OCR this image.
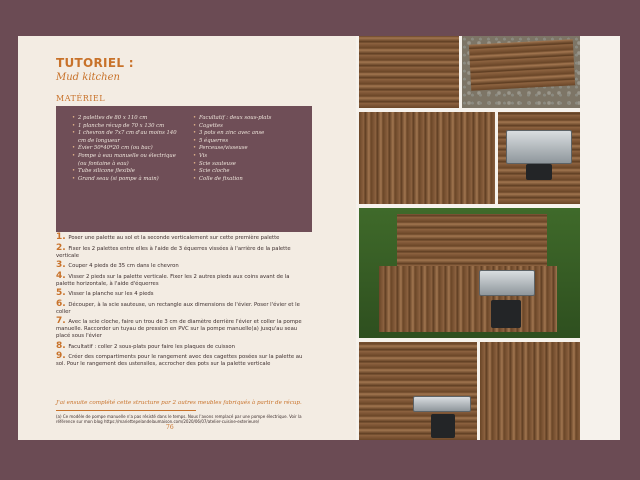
TUTORIEL :
Mud kitchen
MATÉRIEL
• 2 palettes de 80 x 110 cm
• 1 planche récup de 70 x 130 cm
• 1 chevron de 7x7 cm d'au moins 140 cm de longueur
• Évier 50*40*20 cm (ou bac)
• Pompe à eau manuelle ou électrique (ou fontaine à eau)
• Tube silicone flexible
• Grand seau (si pompe à main)
• Facultatif : deux sous-plats
• Cagettes
• 3 pots en zinc avec anse
• 5 équerres
• Perceuse/visseuse
• Vis
• Scie sauteuse
• Scie cloche
• Colle de fixation

1. Poser une palette au sol et la seconde verticalement sur cette première palette

2. Fixer les 2 palettes entre elles à l'aide de 3 équerres vissées à l'arrière de la palette verticale

3. Couper 4 pieds de 35 cm dans le chevron

4. Visser 2 pieds sur la palette verticale. Fixer les 2 autres pieds aux coins avant de la palette horizontale, à l'aide d'équerres

5. Visser la planche sur les 4 pieds

6. Découper, à la scie sauteuse, un rectangle aux dimensions de l'évier. Poser l'évier et le coller

7. Avec la scie cloche, faire un trou de 3 cm de diamètre derrière l'évier et coller la pompe manuelle. Raccorder un tuyau de pression en PVC sur la pompe manuelle(a) jusqu'au seau placé sous l'évier

8. Facultatif : coller 2 sous-plats pour faire les plaques de cuisson

9. Créer des compartiments pour le rangement avec des cagettes posées sur la palette au sol. Pour le rangement des ustensiles, accrocher des pots sur la palette verticale

J'ai ensuite complété cette structure par 2 autres meubles fabriqués à partir de récup.
(a) Ce modèle de pompe manuelle n'a pas résisté dans le temps. Nous l'avons remplacé par une pompe électrique. Voir la référence sur mon blog https://mariettepelandelaumaison.com/2020/06/07/atelier-cuisine-exterieure/
76
